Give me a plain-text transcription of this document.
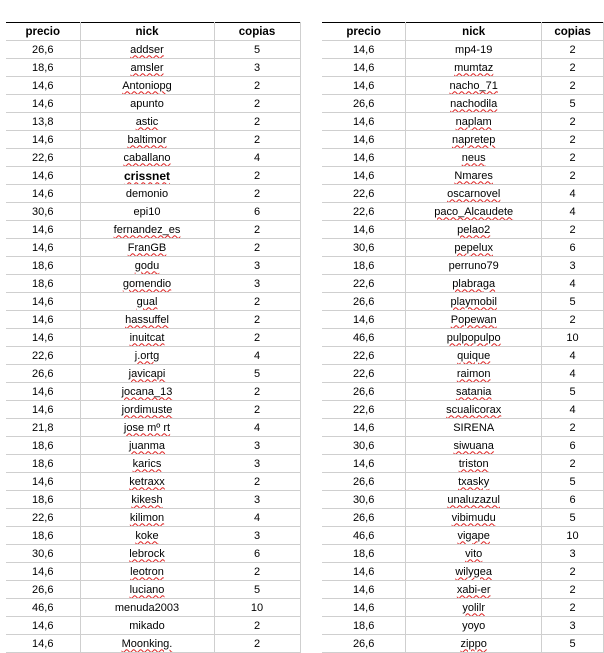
precio	nick	copias
26,6	addser	5
18,6	amsler	3
14,6	Antoniopg	2
14,6	apunto	2
13,8	astic	2
14,6	baltimor	2
22,6	caballano	4
14,6	crissnet	2
14,6	demonio	2
30,6	epi10	6
14,6	fernandez_es	2
14,6	FranGB	2
18,6	godu	3
18,6	gomendio	3
14,6	gual	2
14,6	hassuffel	2
14,6	inuitcat	2
22,6	j.ortg	4
26,6	javicapi	5
14,6	jocana_13	2
14,6	jordimuste	2
21,8	jose mº rt	4
18,6	juanma	3
18,6	karics	3
14,6	ketraxx	2
18,6	kikesh	3
22,6	kilimon	4
18,6	koke	3
30,6	lebrock	6
14,6	leotron	2
26,6	luciano	5
46,6	menuda2003	10
14,6	mikado	2
14,6	Moonking.	2
precio	nick	copias
14,6	mp4-19	2
14,6	mumtaz	2
14,6	nacho_71	2
26,6	nachodila	5
14,6	naplam	2
14,6	napretep	2
14,6	neus	2
14,6	Nmares	2
22,6	oscarnovel	4
22,6	paco_Alcaudete	4
14,6	pelao2	2
30,6	pepelux	6
18,6	perruno79	3
22,6	plabraga	4
26,6	playmobil	5
14,6	Popewan	2
46,6	pulpopulpo	10
22,6	quique	4
22,6	raimon	4
26,6	satania	5
22,6	scualicorax	4
14,6	SIRENA	2
30,6	siwuana	6
14,6	triston	2
26,6	txasky	5
30,6	unaluzazul	6
26,6	vibimudu	5
46,6	vigape	10
18,6	vito	3
14,6	wilygea	2
14,6	xabi-er	2
14,6	yolilr	2
18,6	yoyo	3
26,6	zippo	5
